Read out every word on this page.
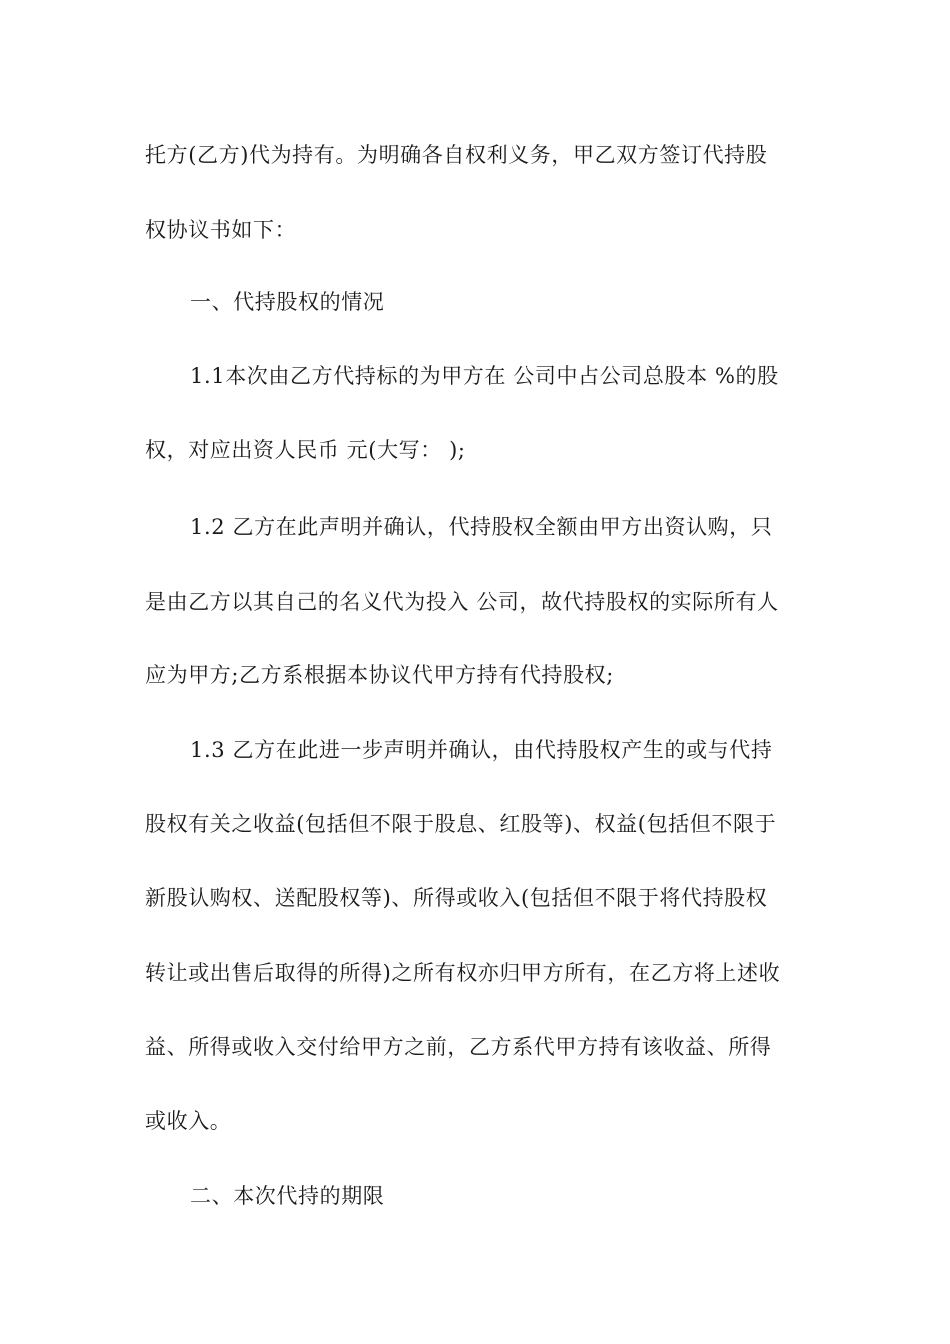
托方(乙方)代为持有。为明确各自权利义务，甲乙双方签订代持股
权协议书如下：
一、代持股权的情况
1.1本次由乙方代持标的为甲方在 公司中占公司总股本 %的股
权，对应出资人民币 元(大写： );
1.2 乙方在此声明并确认，代持股权全额由甲方出资认购，只
是由乙方以其自己的名义代为投入 公司，故代持股权的实际所有人
应为甲方;乙方系根据本协议代甲方持有代持股权;
1.3 乙方在此进一步声明并确认，由代持股权产生的或与代持
股权有关之收益(包括但不限于股息、红股等)、权益(包括但不限于
新股认购权、送配股权等)、所得或收入(包括但不限于将代持股权
转让或出售后取得的所得)之所有权亦归甲方所有，在乙方将上述收
益、所得或收入交付给甲方之前，乙方系代甲方持有该收益、所得
或收入。
二、本次代持的期限
